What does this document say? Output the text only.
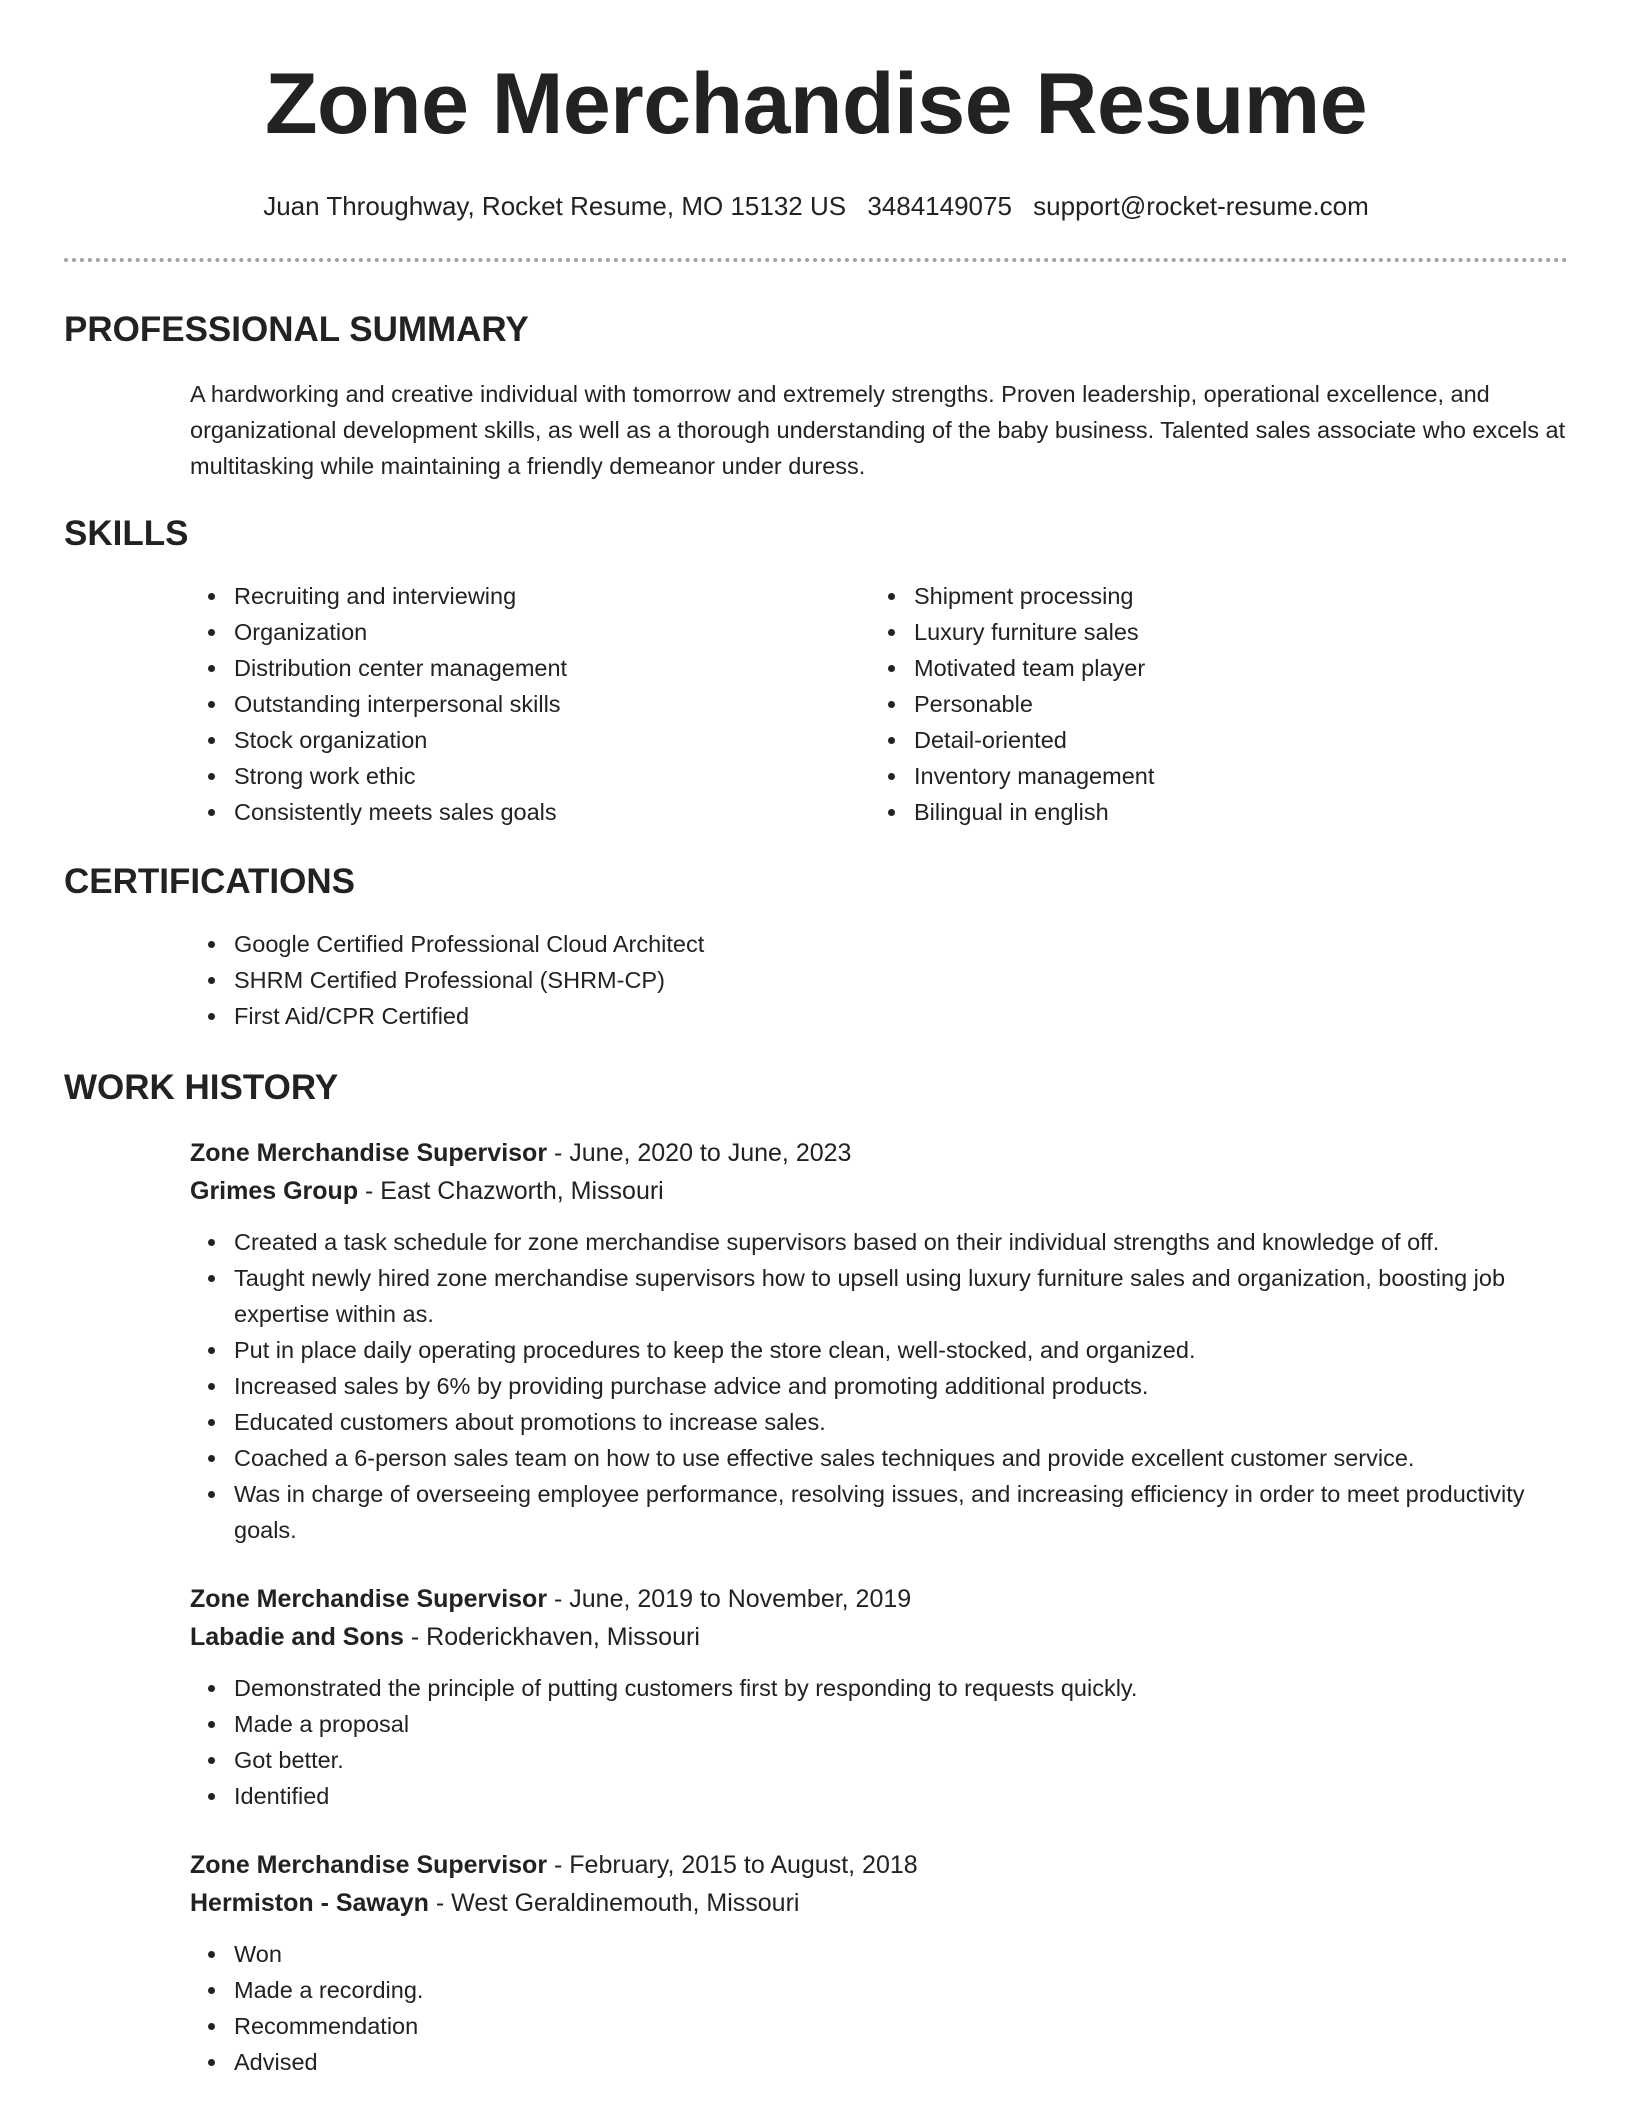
Zone Merchandise Resume
Juan Throughway, Rocket Resume, MO 15132 US 3484149075 support@rocket-resume.com
PROFESSIONAL SUMMARY

A hardworking and creative individual with tomorrow and extremely strengths. Proven leadership, operational excellence, and organizational development skills, as well as a thorough understanding of the baby business. Talented sales associate who excels at multitasking while maintaining a friendly demeanor under duress.

SKILLS
Recruiting and interviewing
Organization
Distribution center management
Outstanding interpersonal skills
Stock organization
Strong work ethic
Consistently meets sales goals
Shipment processing
Luxury furniture sales
Motivated team player
Personable
Detail-oriented
Inventory management
Bilingual in english
CERTIFICATIONS
Google Certified Professional Cloud Architect
SHRM Certified Professional (SHRM-CP)
First Aid/CPR Certified
WORK HISTORY
Zone Merchandise Supervisor - June, 2020 to June, 2023
Grimes Group - East Chazworth, Missouri
Created a task schedule for zone merchandise supervisors based on their individual strengths and knowledge of off.
Taught newly hired zone merchandise supervisors how to upsell using luxury furniture sales and organization, boosting job expertise within as.
Put in place daily operating procedures to keep the store clean, well-stocked, and organized.
Increased sales by 6% by providing purchase advice and promoting additional products.
Educated customers about promotions to increase sales.
Coached a 6-person sales team on how to use effective sales techniques and provide excellent customer service.
Was in charge of overseeing employee performance, resolving issues, and increasing efficiency in order to meet productivity goals.
Zone Merchandise Supervisor - June, 2019 to November, 2019
Labadie and Sons - Roderickhaven, Missouri
Demonstrated the principle of putting customers first by responding to requests quickly.
Made a proposal
Got better.
Identified
Zone Merchandise Supervisor - February, 2015 to August, 2018
Hermiston - Sawayn - West Geraldinemouth, Missouri
Won
Made a recording.
Recommendation
Advised
